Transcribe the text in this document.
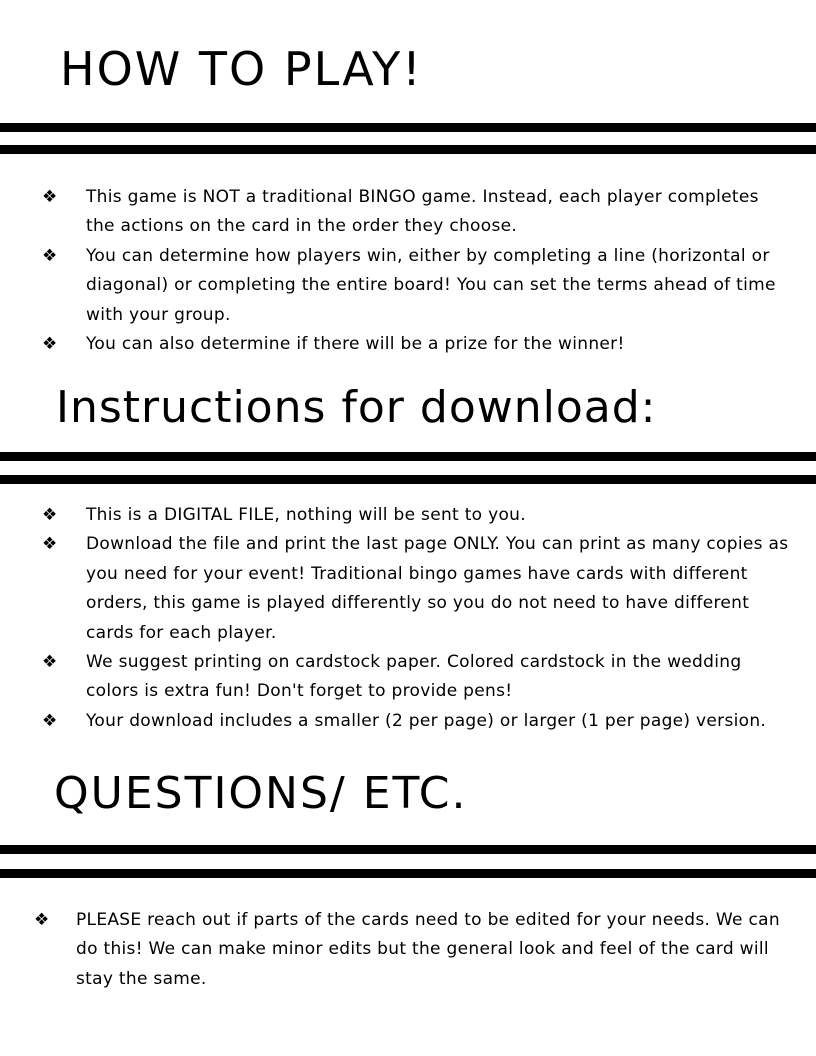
HOW TO PLAY!
❖ This game is NOT a traditional BINGO game. Instead, each player completes the actions on the card in the order they choose.
❖ You can determine how players win, either by completing a line (horizontal or diagonal) or completing the entire board! You can set the terms ahead of time with your group.
❖ You can also determine if there will be a prize for the winner!
Instructions for download:
❖ This is a DIGITAL FILE, nothing will be sent to you.
❖ Download the file and print the last page ONLY. You can print as many copies as you need for your event! Traditional bingo games have cards with different orders, this game is played differently so you do not need to have different cards for each player.
❖ We suggest printing on cardstock paper. Colored cardstock in the wedding colors is extra fun! Don't forget to provide pens!
❖ Your download includes a smaller (2 per page) or larger (1 per page) version.
QUESTIONS/ ETC.
❖ PLEASE reach out if parts of the cards need to be edited for your needs. We can do this! We can make minor edits but the general look and feel of the card will stay the same.
